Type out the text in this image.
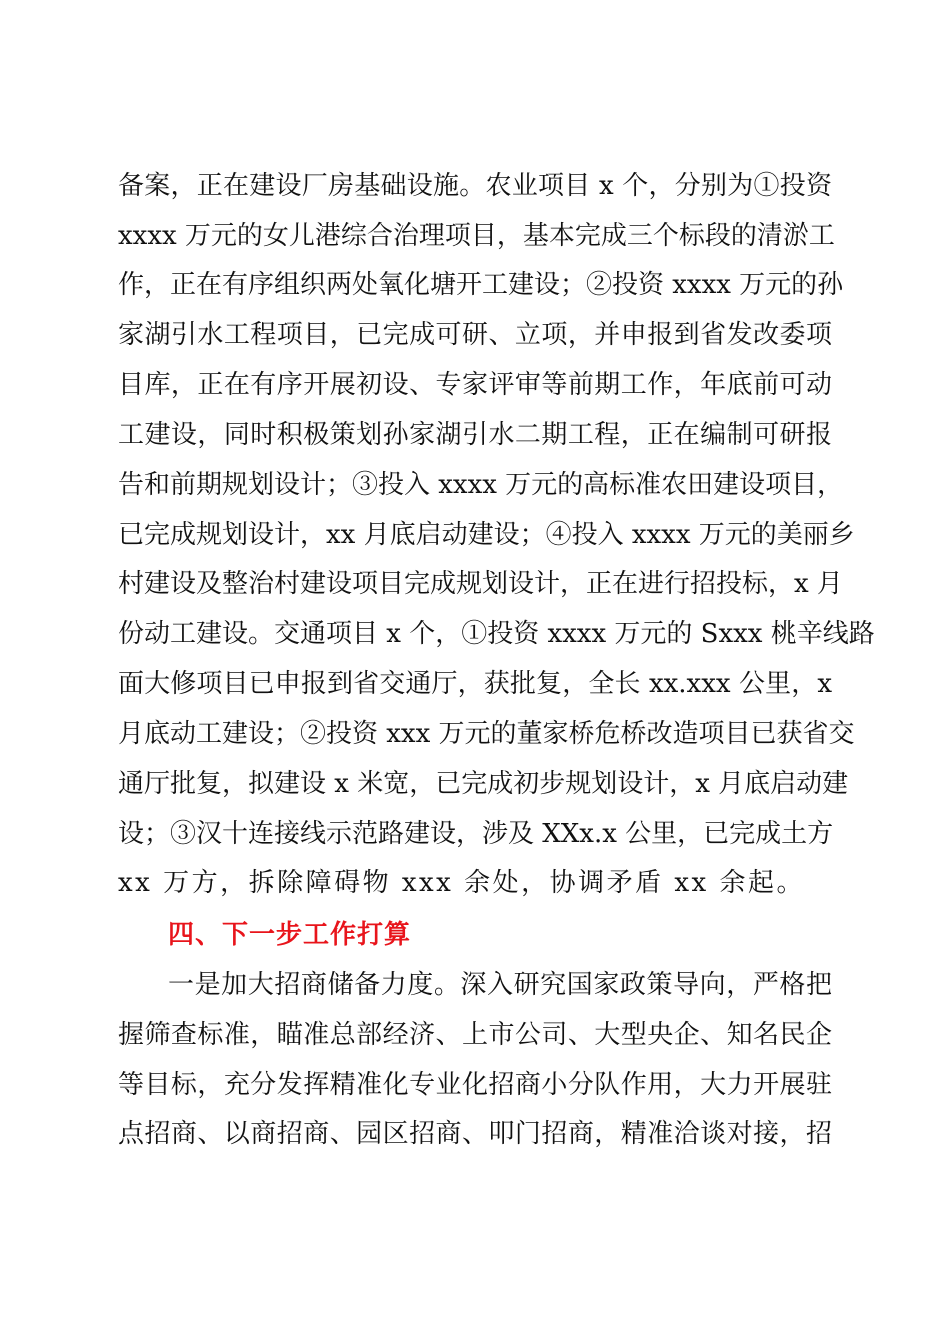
备案，正在建设厂房基础设施。农业项目 x 个，分别为①投资
xxxx 万元的女儿港综合治理项目，基本完成三个标段的清淤工
作，正在有序组织两处氧化塘开工建设；②投资 xxxx 万元的孙
家湖引水工程项目，已完成可研、立项，并申报到省发改委项
目库，正在有序开展初设、专家评审等前期工作，年底前可动
工建设，同时积极策划孙家湖引水二期工程，正在编制可研报
告和前期规划设计；③投入 xxxx 万元的高标准农田建设项目，
已完成规划设计，xx 月底启动建设；④投入 xxxx 万元的美丽乡
村建设及整治村建设项目完成规划设计，正在进行招投标，x 月
份动工建设。交通项目 x 个，①投资 xxxx 万元的 Sxxx 桃辛线路
面大修项目已申报到省交通厅，获批复，全长 xx.xxx 公里，x
月底动工建设；②投资 xxx 万元的董家桥危桥改造项目已获省交
通厅批复，拟建设 x 米宽，已完成初步规划设计，x 月底启动建
设；③汉十连接线示范路建设，涉及 XXx.x 公里，已完成土方
xx 万方，拆除障碍物 xxx 余处，协调矛盾 xx 余起。
四、下一步工作打算
一是加大招商储备力度。深入研究国家政策导向，严格把
握筛查标准，瞄准总部经济、上市公司、大型央企、知名民企
等目标，充分发挥精准化专业化招商小分队作用，大力开展驻
点招商、以商招商、园区招商、叩门招商，精准洽谈对接，招
